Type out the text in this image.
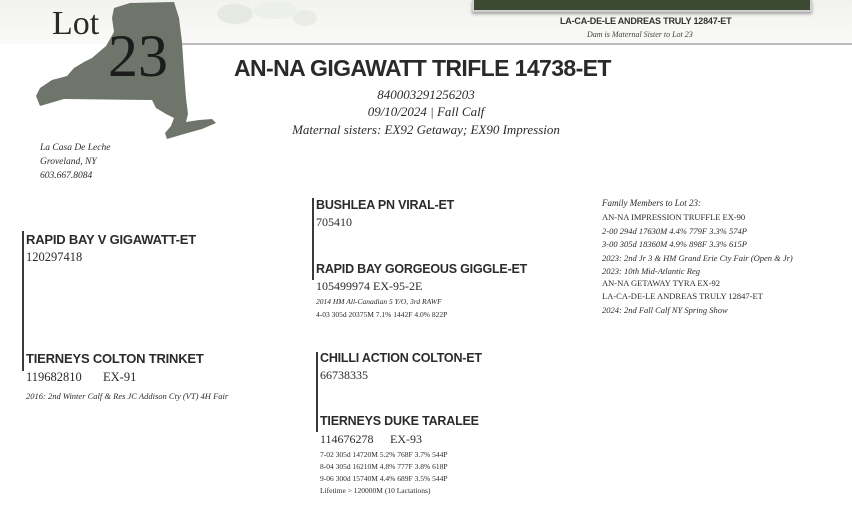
LA-CA-DE-LE ANDREAS TRULY 12847-ET
Dam is Maternal Sister to Lot 23
Lot 23	AN-NA GIGAWATT TRIFLE 14738-ET
840003291256203
09/10/2024 | Fall Calf
Maternal sisters: EX92 Getaway; EX90 Impression
La Casa De Leche
Groveland, NY
603.667.8084
BUSHLEA PN VIRAL-ET
705410
RAPID BAY V GIGAWATT-ET
120297418
RAPID BAY GORGEOUS GIGGLE-ET
105499974 EX-95-2E
2014 HM All-Canadian 5 Y/O, 3rd RAWF
4-03 305d 20375M 7.1% 1442F 4.0% 822P
TIERNEYS COLTON TRINKET
119682810 EX-91
2016: 2nd Winter Calf & Res JC Addison Cty (VT) 4H Fair
CHILLI ACTION COLTON-ET
66738335
TIERNEYS DUKE TARALEE
114676278 EX-93
7-02 305d 14720M 5.2% 768F 3.7% 544P
8-04 305d 16210M 4.8% 777F 3.8% 618P
9-06 300d 15740M 4.4% 689F 3.5% 544P
Lifetime > 120000M (10 Lactations)
Family Members to Lot 23:
AN-NA IMPRESSION TRUFFLE EX-90
2-00 294d 17630M 4.4% 779F 3.3% 574P
3-00 305d 18360M 4.9% 898F 3.3% 615P
2023: 2nd Jr 3 & HM Grand Erie Cty Fair (Open & Jr)
2023: 10th Mid-Atlantic Reg
AN-NA GETAWAY TYRA EX-92
LA-CA-DE-LE ANDREAS TRULY 12847-ET
2024: 2nd Fall Calf NY Spring Show
